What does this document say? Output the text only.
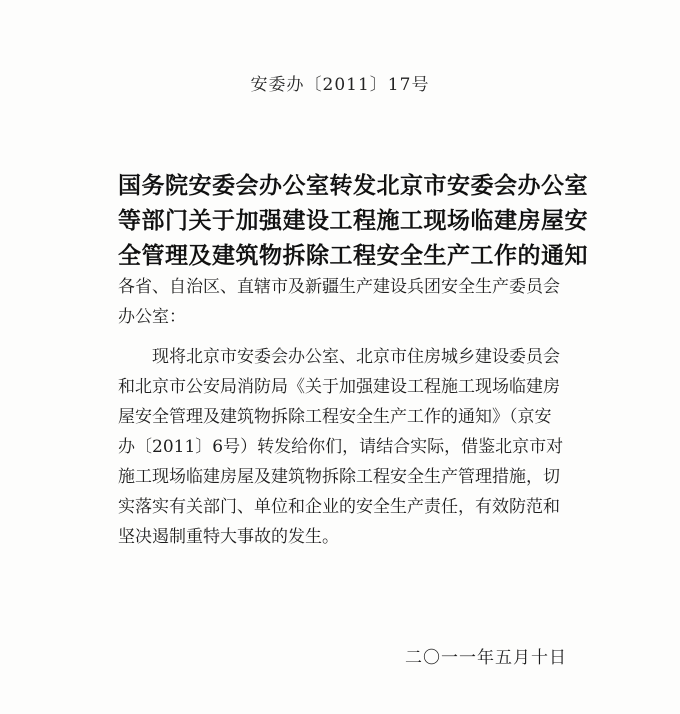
安委办〔2011〕17号
国务院安委会办公室转发北京市安委会办公室
等部门关于加强建设工程施工现场临建房屋安
全管理及建筑物拆除工程安全生产工作的通知
各省、自治区、直辖市及新疆生产建设兵团安全生产委员会
办公室：
　　现将北京市安委会办公室、北京市住房城乡建设委员会
和北京市公安局消防局《关于加强建设工程施工现场临建房
屋安全管理及建筑物拆除工程安全生产工作的通知》（京安
办〔2011〕6号）转发给你们，请结合实际，借鉴北京市对
施工现场临建房屋及建筑物拆除工程安全生产管理措施，切
实落实有关部门、单位和企业的安全生产责任，有效防范和
坚决遏制重特大事故的发生。
二〇一一年五月十日
